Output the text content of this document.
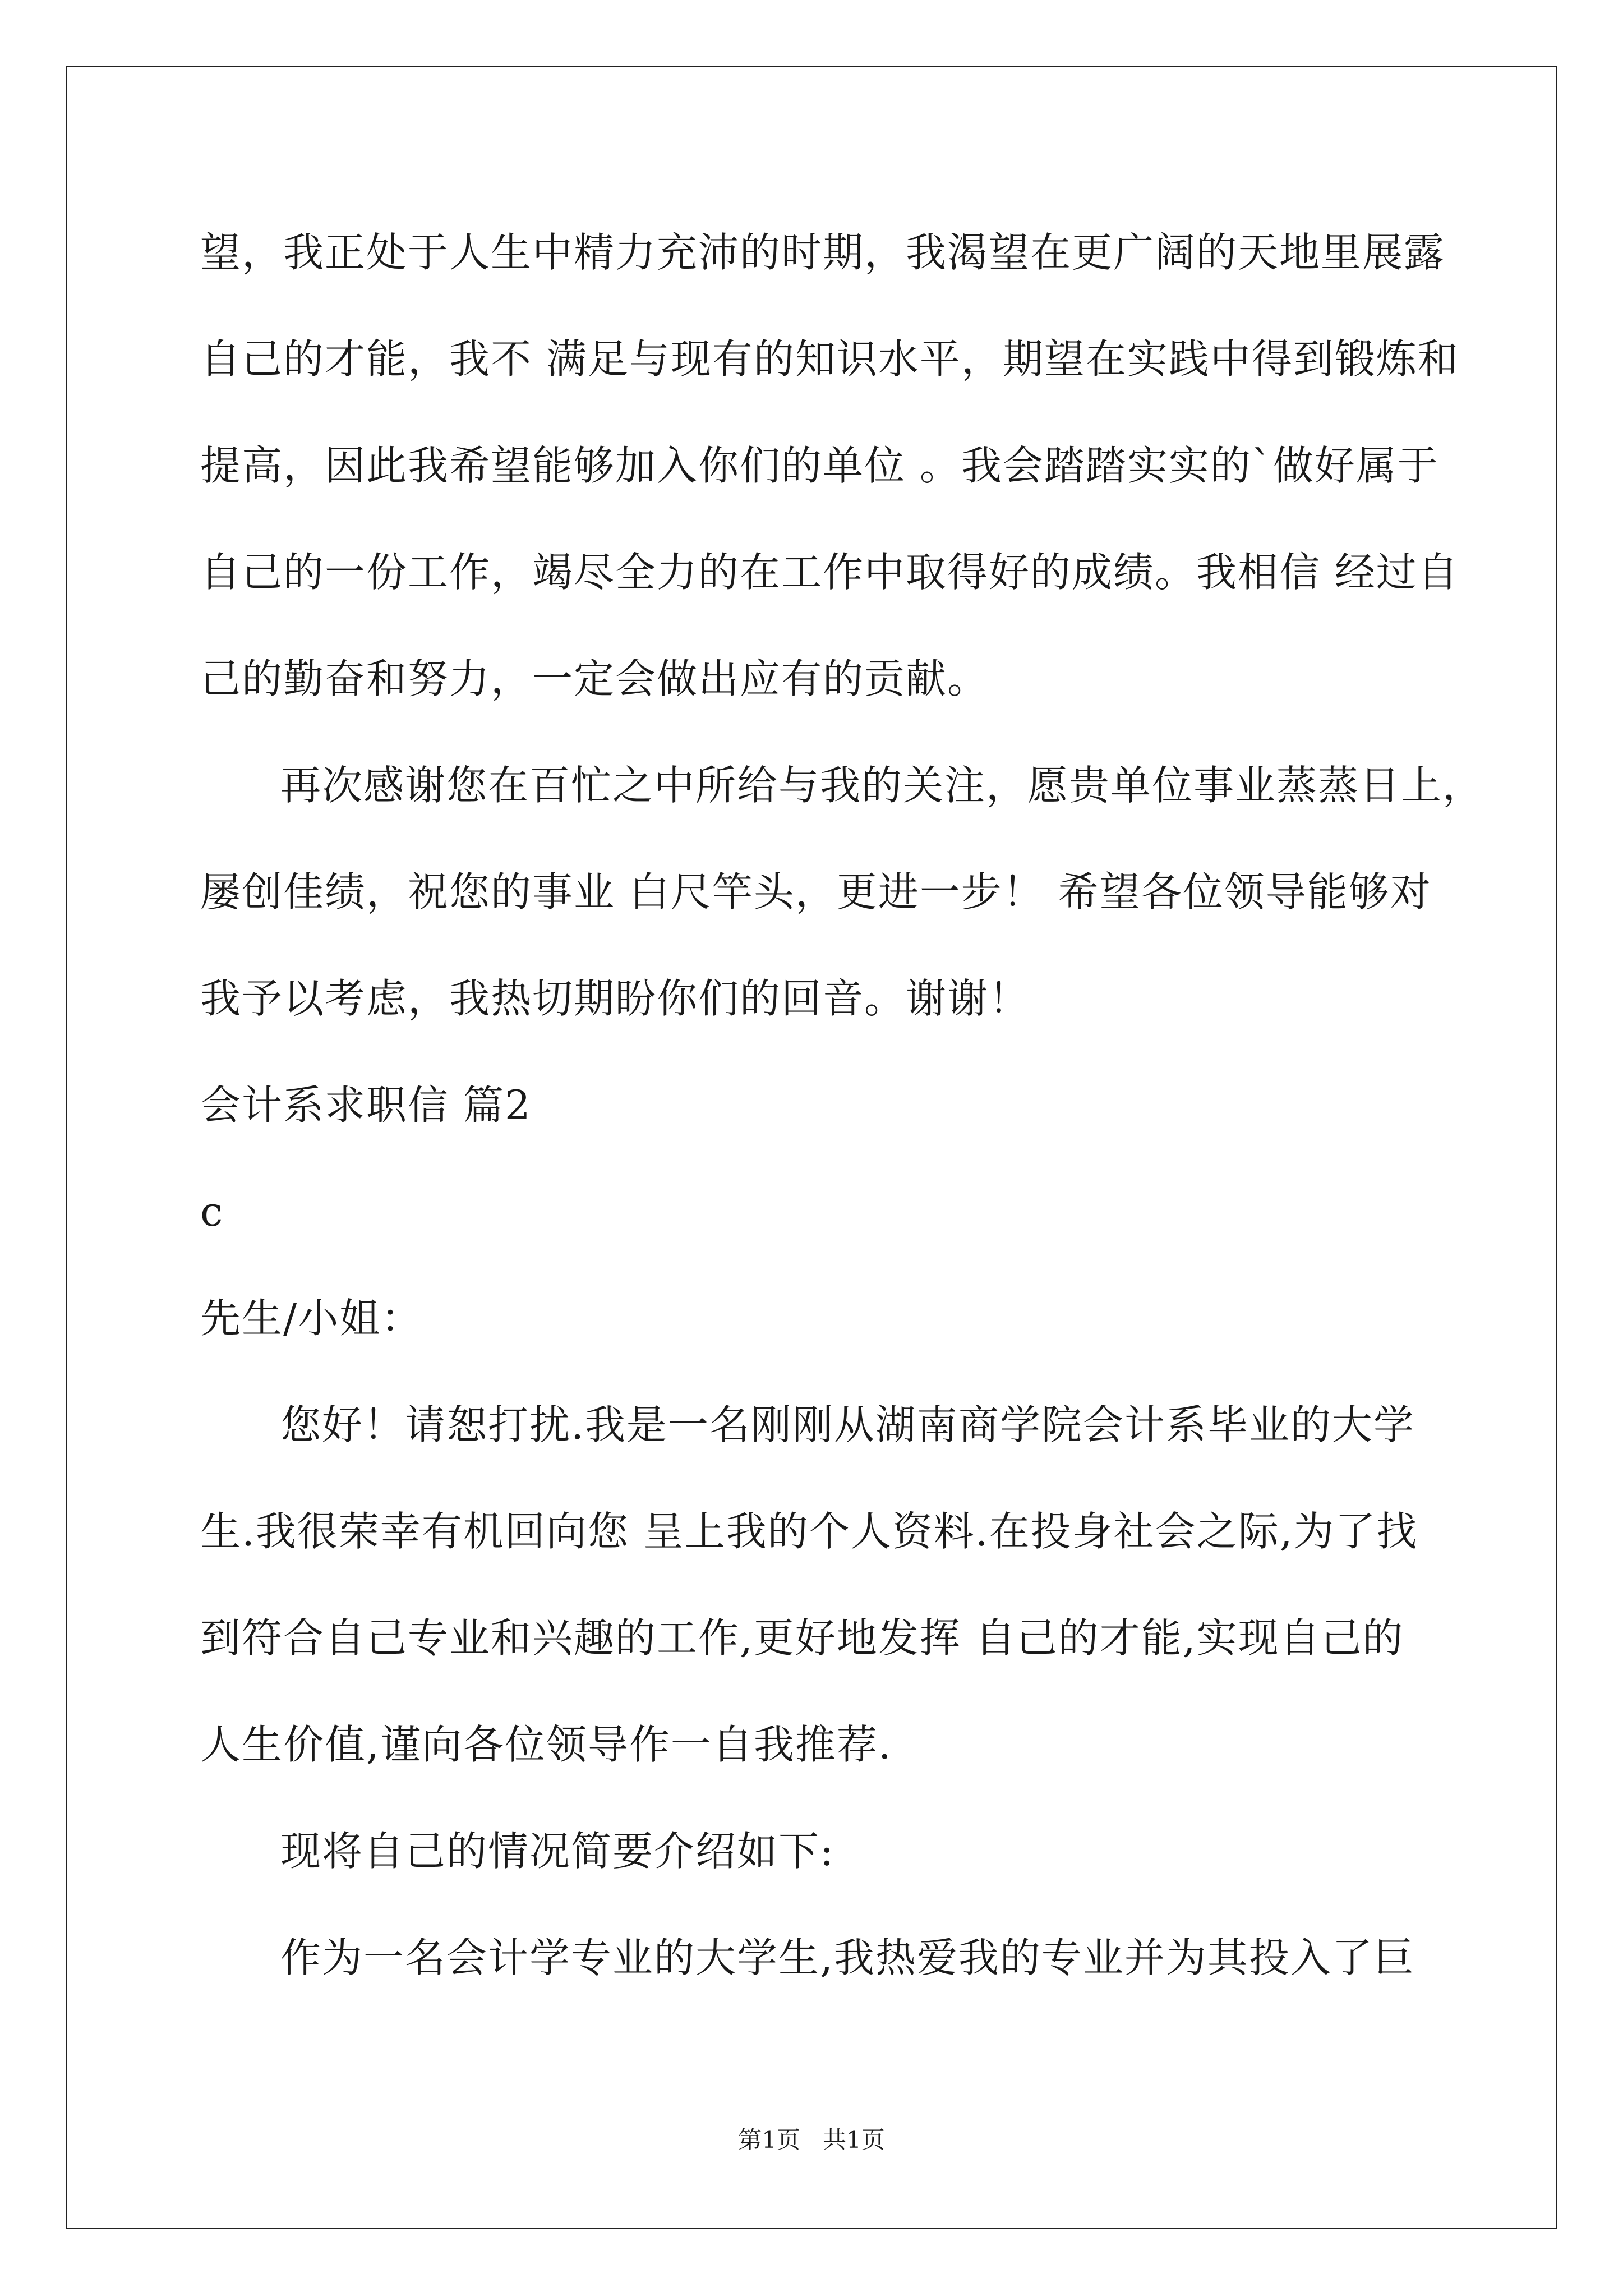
望，我正处于人生中精力充沛的时期，我渴望在更广阔的天地里展露
自己的才能，我不 满足与现有的知识水平，期望在实践中得到锻炼和
提高，因此我希望能够加入你们的单位 。我会踏踏实实的`做好属于
自己的一份工作，竭尽全力的在工作中取得好的成绩。我相信 经过自
己的勤奋和努力，一定会做出应有的贡献。
再次感谢您在百忙之中所给与我的关注，愿贵单位事业蒸蒸日上，
屡创佳绩，祝您的事业 白尺竿头，更进一步！ 希望各位领导能够对
我予以考虑，我热切期盼你们的回音。谢谢！
会计系求职信 篇2
c
先生/小姐：
您好！请恕打扰.我是一名刚刚从湖南商学院会计系毕业的大学
生.我很荣幸有机回向您 呈上我的个人资料.在投身社会之际,为了找
到符合自己专业和兴趣的工作,更好地发挥 自己的才能,实现自己的
人生价值,谨向各位领导作一自我推荐.
现将自己的情况简要介绍如下:
作为一名会计学专业的大学生,我热爱我的专业并为其投入了巨
第1页   共1页
